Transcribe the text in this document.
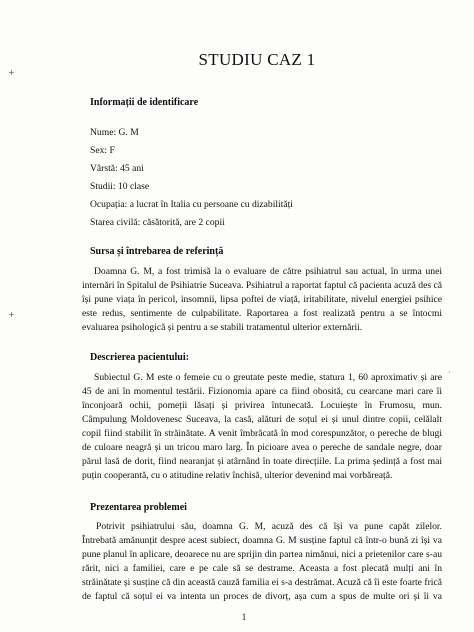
+
+
·
STUDIU CAZ 1
Informații de identificare
Nume: G. M
Sex: F
Vârstă: 45 ani
Studii: 10 clase
Ocupația: a lucrat în Italia cu persoane cu dizabilități
Starea civilă: căsătorită, are 2 copii
Sursa și întrebarea de referință
Doamna G. M, a fost trimisă la o evaluare de către psihiatrul sau actual, în urma unei
internări în Spitalul de Psihiatrie Suceava. Psihiatrul a raportat faptul că pacienta acuză des că
își pune viața în pericol, insomnii, lipsa poftei de viață, iritabilitate, nivelul energiei psihice
este redus, sentimente de culpabilitate. Raportarea a fost realizată pentru a se întocmi
evaluarea psihologică și pentru a se stabili tratamentul ulterior externării.
Descrierea pacientului:
Subiectul G. M este o femeie cu o greutate peste medie, statura 1, 60 aproximativ și are
45 de ani în momentul testării. Fizionomia apare ca fiind obosită, cu cearcane mari care îi
înconjoară ochii, pomeții lăsați și privirea întunecată. Locuiește în Frumosu, mun.
Câmpulung Moldovenesc Suceava, la casă, alături de soțul ei și unul dintre copii, celălalt
copil fiind stabilit în străinătate. A venit îmbrăcată în mod corespunzător, o pereche de blugi
de culoare neagră și un tricou maro larg. În picioare avea o pereche de sandale negre, doar
părul lasă de dorit, fiind nearanjat și atârnând în toate direcțiile. La prima ședință a fost mai
puțin cooperantă, cu o atitudine relativ închisă, ulterior devenind mai vorbăreață.
Prezentarea problemei
Potrivit psihiatrului său, doamna G. M, acuză des că își va pune capăt zilelor.
Întrebată amănunțit despre acest subiect, doamna G. M susține faptul că într-o bună zi își va
pune planul în aplicare, deoarece nu are sprijin din partea nimănui, nici a prietenilor care s-au
rărit, nici a familiei, care e pe cale să se destrame. Aceasta a fost plecată mulți ani în
străinătate și susține că din această cauză familia ei s-a destrămat. Acuză că îi este foarte frică
de faptul că soțul ei va intenta un proces de divorț, așa cum a spus de multe ori și îi va
1
